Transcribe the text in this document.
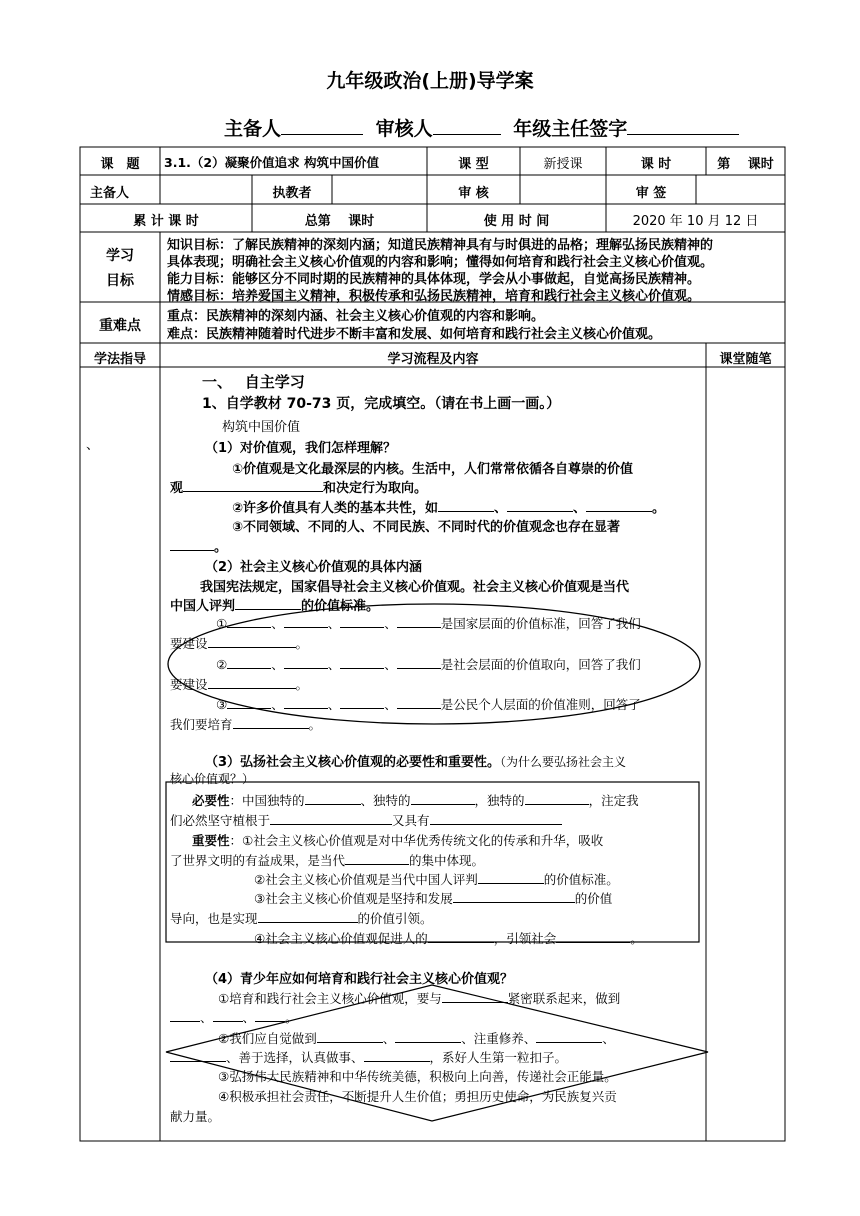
九年级政治(上册)导学案
主备人	审核人	年级主任签字
课　题	3.1.（2）凝聚价值追求 构筑中国价值	课 型	新授课	课 时	第　 课时
主备人	执教者	审 核	审 签
累 计 课 时	总第　 课时	使 用 时 间	2020 年 10 月 12 日
学习
目标
知识目标：了解民族精神的深刻内涵；知道民族精神具有与时俱进的品格；理解弘扬民族精神的
具体表现；明确社会主义核心价值观的内容和影响；懂得如何培育和践行社会主义核心价值观。
能力目标：能够区分不同时期的民族精神的具体体现，学会从小事做起，自觉高扬民族精神。
情感目标：培养爱国主义精神，积极传承和弘扬民族精神，培育和践行社会主义核心价值观。
重难点
重点：民族精神的深刻内涵、社会主义核心价值观的内容和影响。
难点：民族精神随着时代进步不断丰富和发展、如何培育和践行社会主义核心价值观。
学法指导	学习流程及内容	课堂随笔
、
一、　 自主学习
1、自学教材 70-73 页，完成填空。（请在书上画一画。）
构筑中国价值
（1）对价值观，我们怎样理解？
①价值观是文化最深层的内核。生活中，人们常常依循各自尊崇的价值
观	和决定行为取向。
②许多价值具有人类的基本共性，如	、	、	。
③不同领域、不同的人、不同民族、不同时代的价值观念也存在显著
。
（2）社会主义核心价值观的具体内涵
我国宪法规定，国家倡导社会主义核心价值观。社会主义核心价值观是当代
中国人评判	的价值标准。
①	、	、	、	是国家层面的价值标准，回答了我们
要建设	。
②	、	、	、	是社会层面的价值取向，回答了我们
要建设	。
③	、	、	、	是公民个人层面的价值准则，回答了
我们要培育	。
（3）弘扬社会主义核心价值观的必要性和重要性。（为什么要弘扬社会主义
核心价值观？）
必要性：中国独特的	、独特的	，独特的	，注定我
们必然坚守植根于	又具有
重要性：①社会主义核心价值观是对中华优秀传统文化的传承和升华，吸收
了世界文明的有益成果，是当代	的集中体现。
②社会主义核心价值观是当代中国人评判	的价值标准。
③社会主义核心价值观是坚持和发展	的价值
导向，也是实现	的价值引领。
④社会主义核心价值观促进人的	，引领社会	。
（4）青少年应如何培育和践行社会主义核心价值观？
①培育和践行社会主义核心价值观，要与	紧密联系起来，做到
、 、 。
②我们应自觉做到	、	、注重修养、	、
、善于选择，认真做事、	，系好人生第一粒扣子。
③弘扬伟大民族精神和中华传统美德，积极向上向善，传递社会正能量。
④积极承担社会责任，不断提升人生价值；勇担历史使命，为民族复兴贡
献力量。
